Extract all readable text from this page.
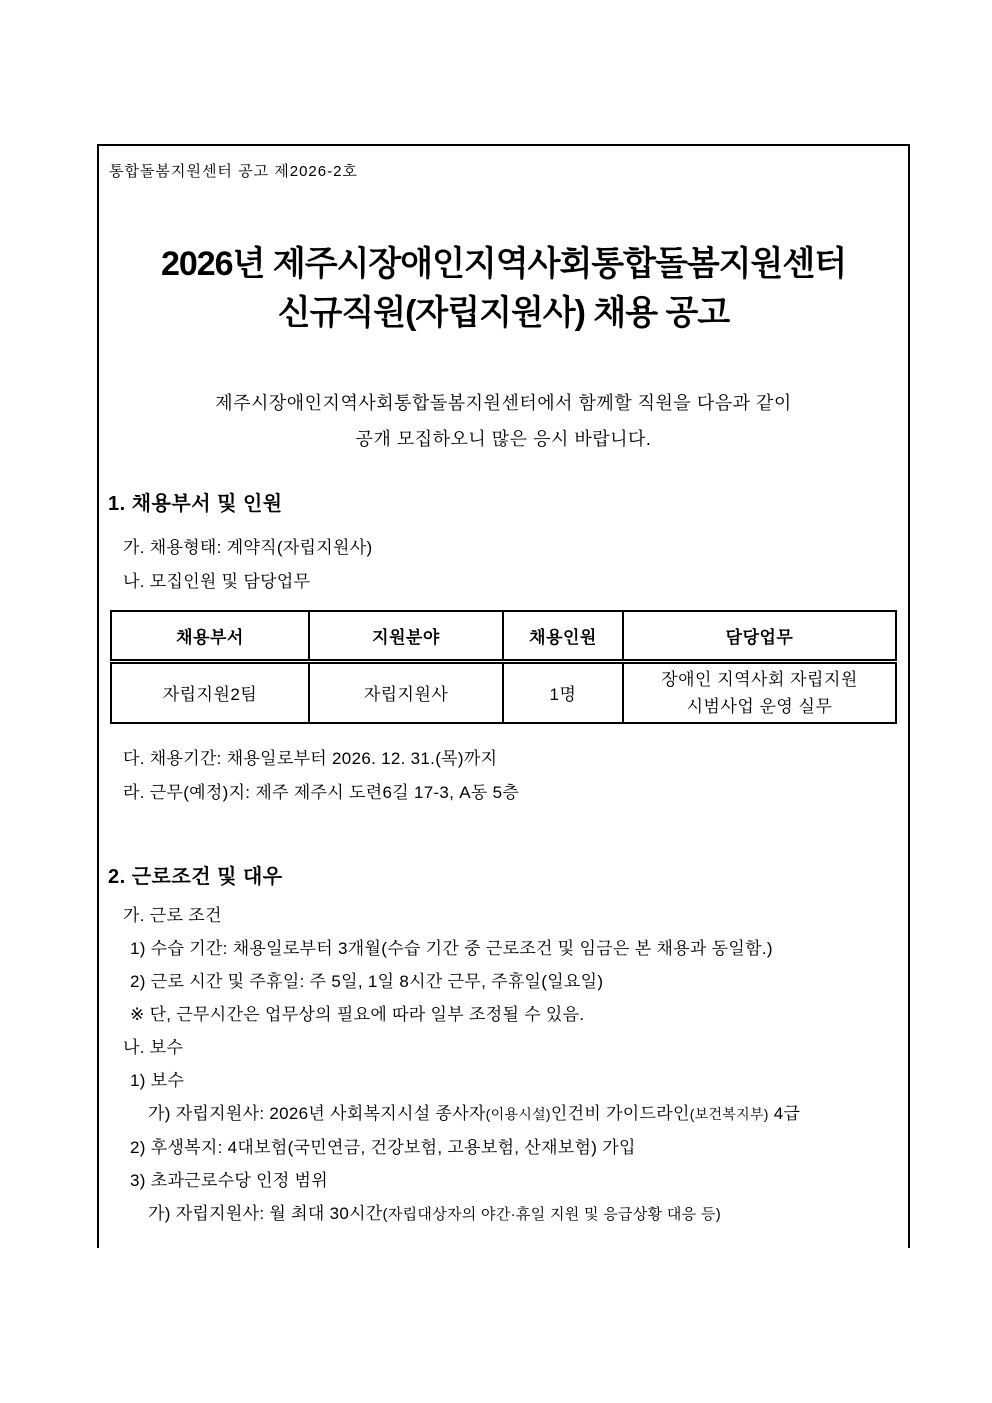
통합돌봄지원센터 공고 제2026-2호
2026년 제주시장애인지역사회통합돌봄지원센터
신규직원(자립지원사) 채용 공고
제주시장애인지역사회통합돌봄지원센터에서 함께할 직원을 다음과 같이
공개 모집하오니 많은 응시 바랍니다.
1. 채용부서 및 인원
가. 채용형태: 계약직(자립지원사)
나. 모집인원 및 담당업무
채용부서	지원분야	채용인원	담당업무
자립지원2팀	자립지원사	1명	장애인 지역사회 자립지원
시범사업 운영 실무
다. 채용기간: 채용일로부터 2026. 12. 31.(목)까지
라. 근무(예정)지: 제주 제주시 도련6길 17-3, A동 5층
2. 근로조건 및 대우
가. 근로 조건
1) 수습 기간: 채용일로부터 3개월(수습 기간 중 근로조건 및 임금은 본 채용과 동일함.)
2) 근로 시간 및 주휴일: 주 5일, 1일 8시간 근무, 주휴일(일요일)
※ 단, 근무시간은 업무상의 필요에 따라 일부 조정될 수 있음.
나. 보수
1) 보수
가) 자립지원사: 2026년 사회복지시설 종사자(이용시설)인건비 가이드라인(보건복지부) 4급
2) 후생복지: 4대보험(국민연금, 건강보험, 고용보험, 산재보험) 가입
3) 초과근로수당 인정 범위
가) 자립지원사: 월 최대 30시간(자립대상자의 야간·휴일 지원 및 응급상황 대응 등)
